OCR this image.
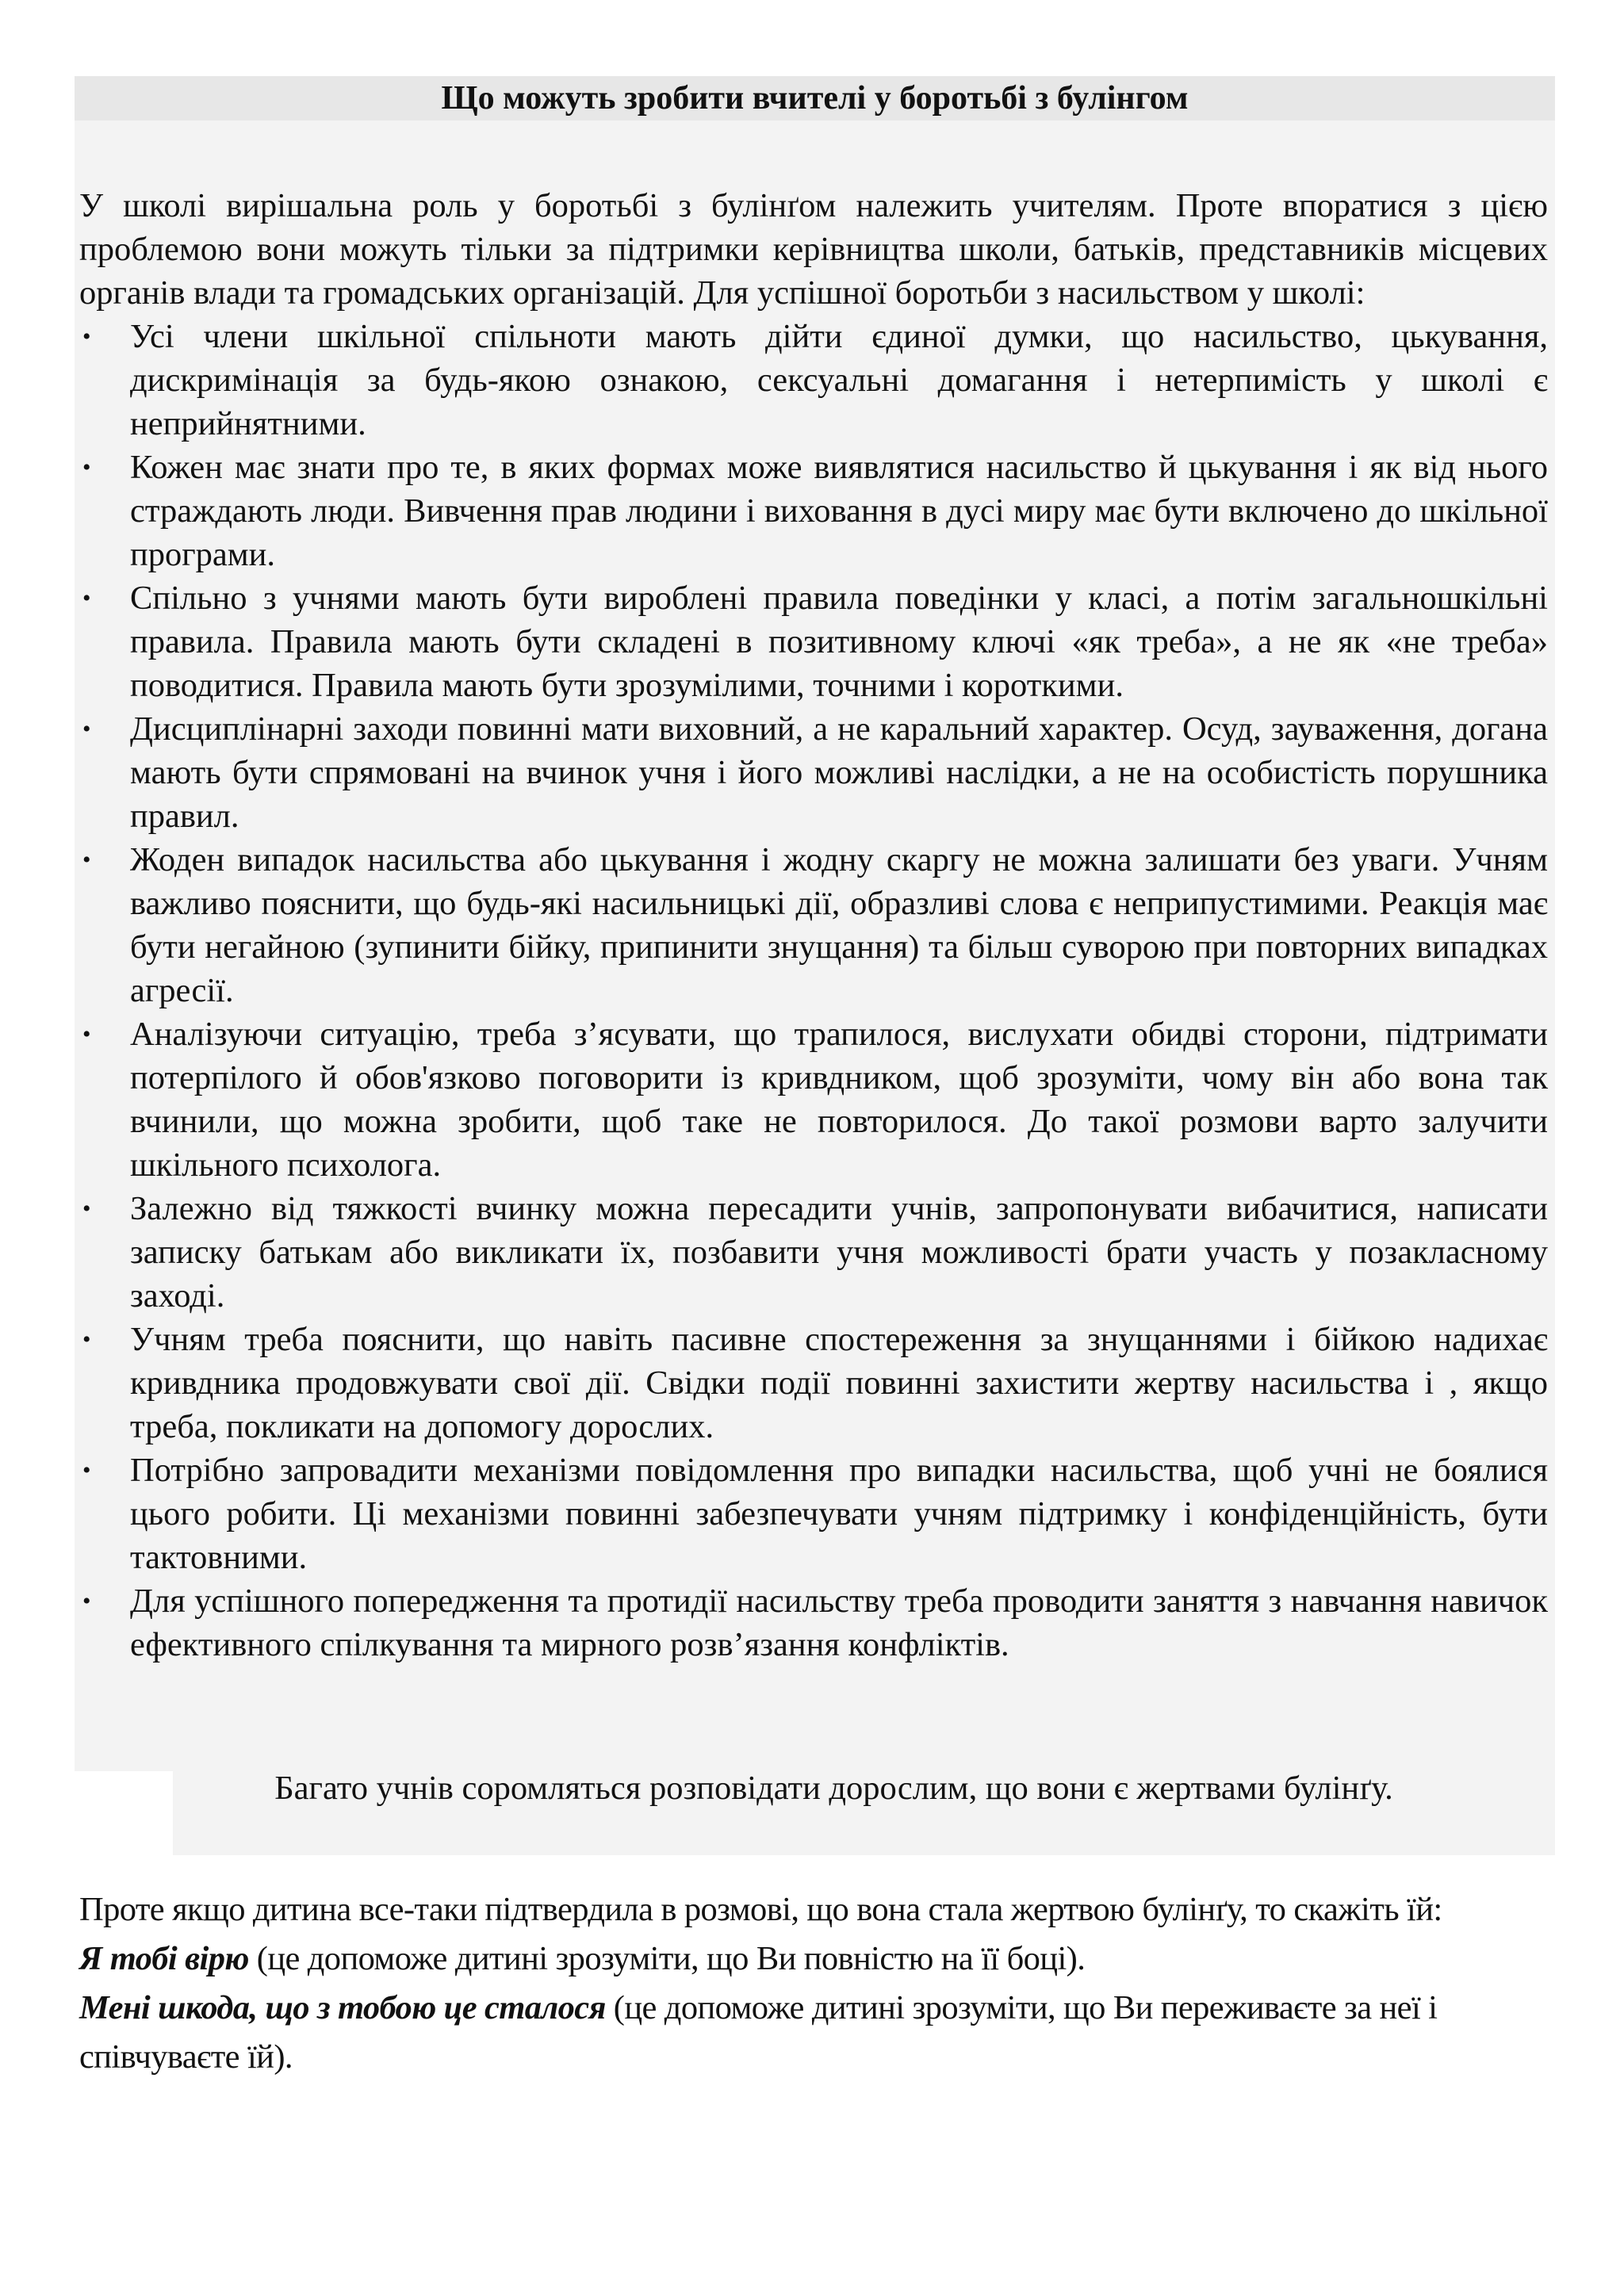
Що можуть зробити вчителі у боротьбі з булінгом

У школі вирішальна роль у боротьбі з булінґом належить учителям. Проте впоратися з цією проблемою вони можуть тільки за підтримки керівництва школи, батьків, представників місцевих органів влади та громадських організацій. Для успішної боротьби з насильством у школі:

• Усі члени шкільної спільноти мають дійти єдиної думки, що насильство, цькування, дискримінація за будь-якою ознакою, сексуальні домагання і нетерпимість у школі є неприйнятними.
• Кожен має знати про те, в яких формах може виявлятися насильство й цькування і як від нього страждають люди. Вивчення прав людини і виховання в дусі миру має бути включено до шкільної програми.
• Спільно з учнями мають бути вироблені правила поведінки у класі, а потім загальношкільні правила. Правила мають бути складені в позитивному ключі «як треба», а не як «не треба» поводитися. Правила мають бути зрозумілими, точними і короткими.
• Дисциплінарні заходи повинні мати виховний, а не каральний характер. Осуд, зауваження, догана мають бути спрямовані на вчинок учня і його можливі наслідки, а не на особистість порушника правил.
• Жоден випадок насильства або цькування і жодну скаргу не можна залишати без уваги. Учням важливо пояснити, що будь-які насильницькі дії, образливі слова є неприпустимими. Реакція має бути негайною (зупинити бійку, припинити знущання) та більш суворою при повторних випадках агресії.
• Аналізуючи ситуацію, треба з’ясувати, що трапилося, вислухати обидві сторони, підтримати потерпілого й обов'язково поговорити із кривдником, щоб зрозуміти, чому він або вона так вчинили, що можна зробити, щоб таке не повторилося. До такої розмови варто залучити шкільного психолога.
• Залежно від тяжкості вчинку можна пересадити учнів, запропонувати вибачитися, написати записку батькам або викликати їх, позбавити учня можливості брати участь у позакласному заході.
• Учням треба пояснити, що навіть пасивне спостереження за знущаннями і бійкою надихає кривдника продовжувати свої дії. Свідки події повинні захистити жертву насильства і , якщо треба, покликати на допомогу дорослих.
• Потрібно запровадити механізми повідомлення про випадки насильства, щоб учні не боялися цього робити. Ці механізми повинні забезпечувати учням підтримку і конфіденційність, бути тактовними.
• Для успішного попередження та протидії насильству треба проводити заняття з навчання навичок ефективного спілкування та мирного розв’язання конфліктів.
Багато учнів соромляться розповідати дорослим, що вони є жертвами булінґу.

Проте якщо дитина все-таки підтвердила в розмові, що вона стала жертвою булінґу, то скажіть їй:

Я тобі вірю (це допоможе дитині зрозуміти, що Ви повністю на її боці).

Мені шкода, що з тобою це сталося (це допоможе дитині зрозуміти, що Ви переживаєте за неї і співчуваєте їй).
